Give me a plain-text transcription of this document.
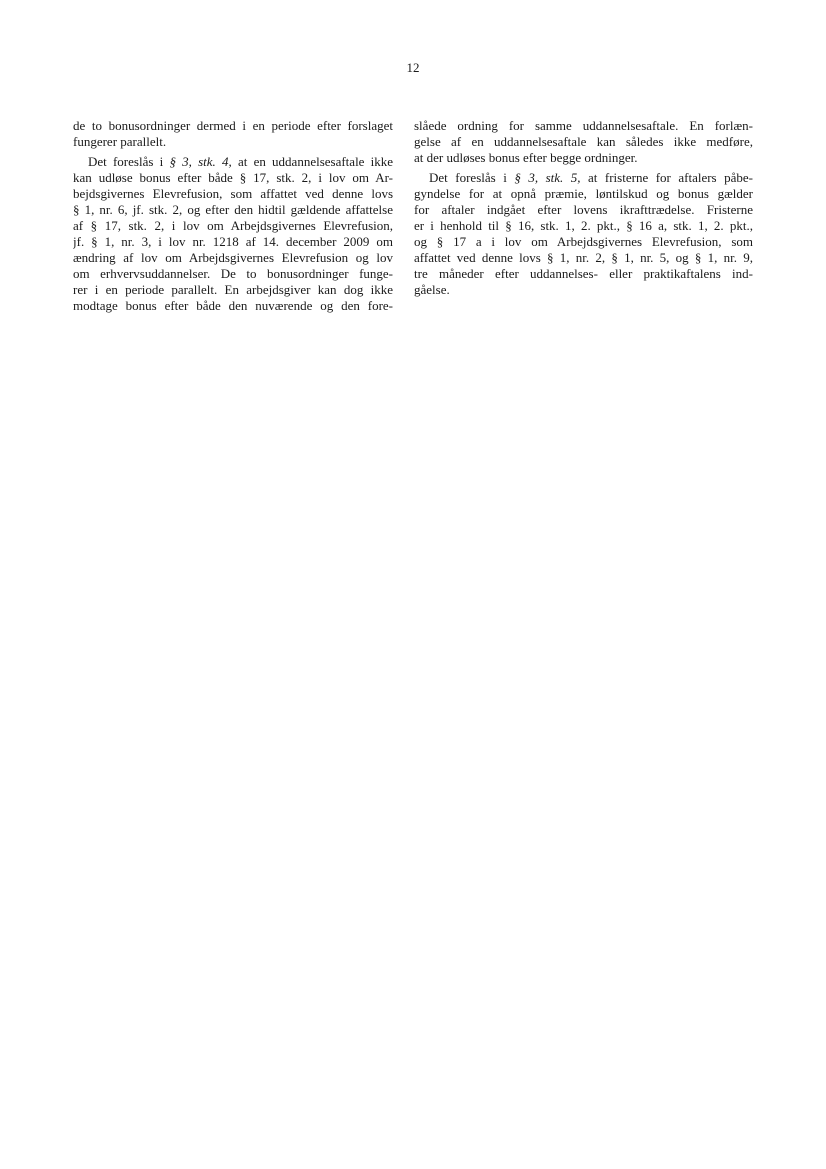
12
de to bonusordninger dermed i en periode efter forslaget
fungerer parallelt.
Det foreslås i § 3, stk. 4, at en uddannelsesaftale ikke
kan udløse bonus efter både § 17, stk. 2, i lov om Ar-
bejdsgivernes Elevrefusion, som affattet ved denne lovs
§ 1, nr. 6, jf. stk. 2, og efter den hidtil gældende affattelse
af § 17, stk. 2, i lov om Arbejdsgivernes Elevrefusion,
jf. § 1, nr. 3, i lov nr. 1218 af 14. december 2009 om
ændring af lov om Arbejdsgivernes Elevrefusion og lov
om erhvervsuddannelser. De to bonusordninger funge-
rer i en periode parallelt. En arbejdsgiver kan dog ikke
modtage bonus efter både den nuværende og den fore-
slåede ordning for samme uddannelsesaftale. En forlæn-
gelse af en uddannelsesaftale kan således ikke medføre,
at der udløses bonus efter begge ordninger.
Det foreslås i § 3, stk. 5, at fristerne for aftalers påbe-
gyndelse for at opnå præmie, løntilskud og bonus gælder
for aftaler indgået efter lovens ikrafttrædelse. Fristerne
er i henhold til § 16, stk. 1, 2. pkt., § 16 a, stk. 1, 2. pkt.,
og § 17 a i lov om Arbejdsgivernes Elevrefusion, som
affattet ved denne lovs § 1, nr. 2, § 1, nr. 5, og § 1, nr. 9,
tre måneder efter uddannelses- eller praktikaftalens ind-
gåelse.
